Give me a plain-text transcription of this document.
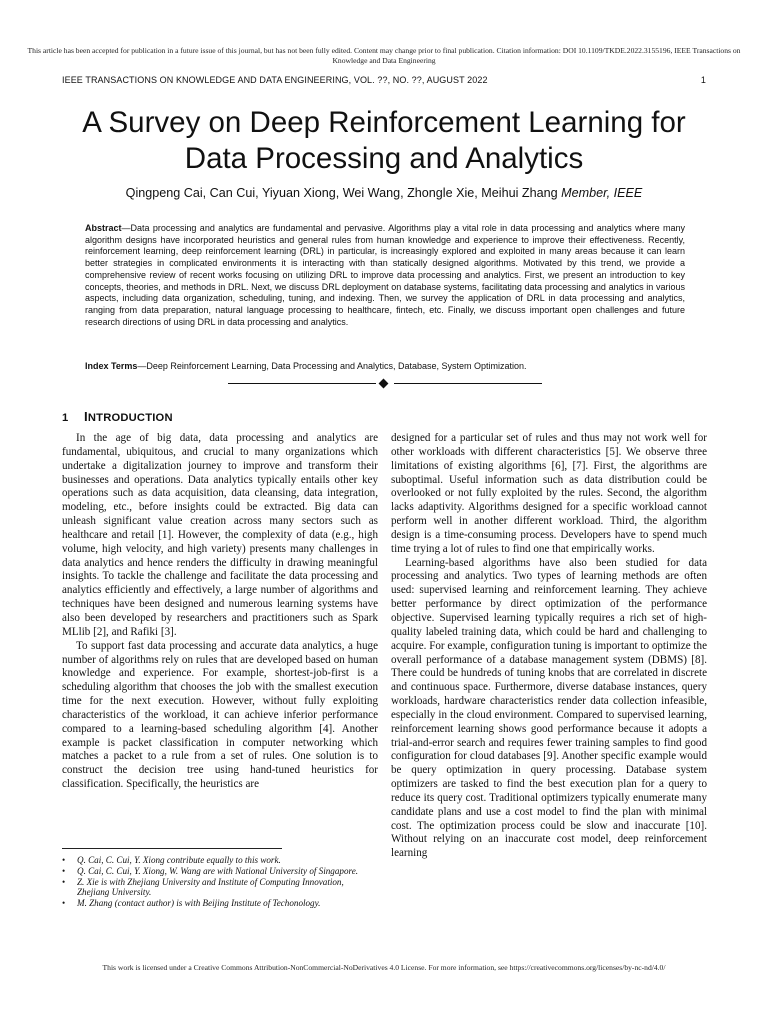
This article has been accepted for publication in a future issue of this journal, but has not been fully edited. Content may change prior to final publication. Citation information: DOI 10.1109/TKDE.2022.3155196, IEEE Transactions on Knowledge and Data Engineering
IEEE TRANSACTIONS ON KNOWLEDGE AND DATA ENGINEERING, VOL. ??, NO. ??, AUGUST 2022	1
A Survey on Deep Reinforcement Learning for
Data Processing and Analytics
Qingpeng Cai, Can Cui, Yiyuan Xiong, Wei Wang, Zhongle Xie, Meihui Zhang Member, IEEE

Abstract—Data processing and analytics are fundamental and pervasive. Algorithms play a vital role in data processing and analytics where many algorithm designs have incorporated heuristics and general rules from human knowledge and experience to improve their effectiveness. Recently, reinforcement learning, deep reinforcement learning (DRL) in particular, is increasingly explored and exploited in many areas because it can learn better strategies in complicated environments it is interacting with than statically designed algorithms. Motivated by this trend, we provide a comprehensive review of recent works focusing on utilizing DRL to improve data processing and analytics. First, we present an introduction to key concepts, theories, and methods in DRL. Next, we discuss DRL deployment on database systems, facilitating data processing and analytics in various aspects, including data organization, scheduling, tuning, and indexing. Then, we survey the application of DRL in data processing and analytics, ranging from data preparation, natural language processing to healthcare, fintech, etc. Finally, we discuss important open challenges and future research directions of using DRL in data processing and analytics.

Index Terms—Deep Reinforcement Learning, Data Processing and Analytics, Database, System Optimization.

1 INTRODUCTION

In the age of big data, data processing and analytics are fundamental, ubiquitous, and crucial to many organizations which undertake a digitalization journey to improve and transform their businesses and operations. Data analytics typically entails other key operations such as data acquisition, data cleansing, data integration, modeling, etc., before insights could be extracted. Big data can unleash significant value creation across many sectors such as healthcare and retail [1]. However, the complexity of data (e.g., high volume, high velocity, and high variety) presents many challenges in data analytics and hence renders the difficulty in drawing meaningful insights. To tackle the challenge and facilitate the data processing and analytics efficiently and effectively, a large number of algorithms and techniques have been designed and numerous learning systems have also been developed by researchers and practitioners such as Spark MLlib [2], and Rafiki [3].

To support fast data processing and accurate data analytics, a huge number of algorithms rely on rules that are developed based on human knowledge and experience. For example, shortest-job-first is a scheduling algorithm that chooses the job with the smallest execution time for the next execution. However, without fully exploiting characteristics of the workload, it can achieve inferior performance compared to a learning-based scheduling algorithm [4]. Another example is packet classification in computer networking which matches a packet to a rule from a set of rules. One solution is to construct the decision tree using hand-tuned heuristics for classification. Specifically, the heuristics are

designed for a particular set of rules and thus may not work well for other workloads with different characteristics [5]. We observe three limitations of existing algorithms [6], [7]. First, the algorithms are suboptimal. Useful information such as data distribution could be overlooked or not fully exploited by the rules. Second, the algorithm lacks adaptivity. Algorithms designed for a specific workload cannot perform well in another different workload. Third, the algorithm design is a time-consuming process. Developers have to spend much time trying a lot of rules to find one that empirically works.

Learning-based algorithms have also been studied for data processing and analytics. Two types of learning methods are often used: supervised learning and reinforcement learning. They achieve better performance by direct optimization of the performance objective. Supervised learning typically requires a rich set of high-quality labeled training data, which could be hard and challenging to acquire. For example, configuration tuning is important to optimize the overall performance of a database management system (DBMS) [8]. There could be hundreds of tuning knobs that are correlated in discrete and continuous space. Furthermore, diverse database instances, query workloads, hardware characteristics render data collection infeasible, especially in the cloud environment. Compared to supervised learning, reinforcement learning shows good performance because it adopts a trial-and-error search and requires fewer training samples to find good configuration for cloud databases [9]. Another specific example would be query optimization in query processing. Database system optimizers are tasked to find the best execution plan for a query to reduce its query cost. Traditional optimizers typically enumerate many candidate plans and use a cost model to find the plan with minimal cost. The optimization process could be slow and inaccurate [10]. Without relying on an inaccurate cost model, deep reinforcement learning

• Q. Cai, C. Cui, Y. Xiong contribute equally to this work.
• Q. Cai, C. Cui, Y. Xiong, W. Wang are with National University of Singapore.
• Z. Xie is with Zhejiang University and Institute of Computing Innovation, Zhejiang University.
• M. Zhang (contact author) is with Beijing Institute of Techonology.
This work is licensed under a Creative Commons Attribution-NonCommercial-NoDerivatives 4.0 License. For more information, see https://creativecommons.org/licenses/by-nc-nd/4.0/
